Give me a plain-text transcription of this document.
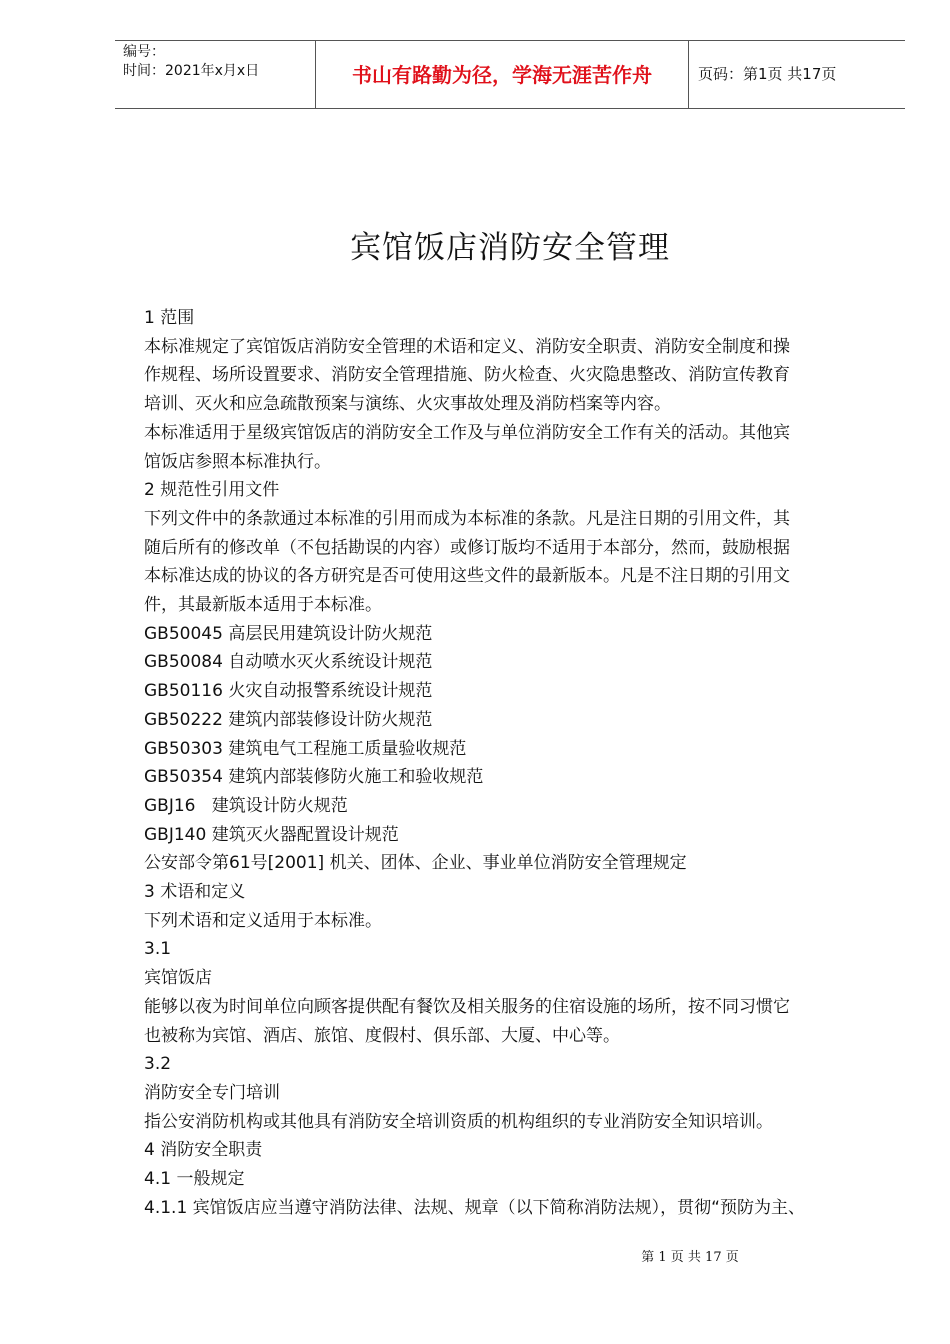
编号：
时间：2021年x月x日	书山有路勤为径，学海无涯苦作舟	页码：第1页 共17页
宾馆饭店消防安全管理

1 范围

本标准规定了宾馆饭店消防安全管理的术语和定义、消防安全职责、消防安全制度和操

作规程、场所设置要求、消防安全管理措施、防火检查、火灾隐患整改、消防宣传教育

培训、灭火和应急疏散预案与演练、火灾事故处理及消防档案等内容。

本标准适用于星级宾馆饭店的消防安全工作及与单位消防安全工作有关的活动。其他宾

馆饭店参照本标准执行。

2 规范性引用文件

下列文件中的条款通过本标准的引用而成为本标准的条款。凡是注日期的引用文件，其

随后所有的修改单（不包括勘误的内容）或修订版均不适用于本部分，然而，鼓励根据

本标准达成的协议的各方研究是否可使用这些文件的最新版本。凡是不注日期的引用文

件，其最新版本适用于本标准。

GB50045 高层民用建筑设计防火规范

GB50084 自动喷水灭火系统设计规范

GB50116 火灾自动报警系统设计规范

GB50222 建筑内部装修设计防火规范

GB50303 建筑电气工程施工质量验收规范

GB50354 建筑内部装修防火施工和验收规范

GBJ16   建筑设计防火规范

GBJ140 建筑灭火器配置设计规范

公安部令第61号[2001] 机关、团体、企业、事业单位消防安全管理规定

3 术语和定义

下列术语和定义适用于本标准。

3.1

宾馆饭店

能够以夜为时间单位向顾客提供配有餐饮及相关服务的住宿设施的场所，按不同习惯它

也被称为宾馆、酒店、旅馆、度假村、俱乐部、大厦、中心等。

3.2

消防安全专门培训

指公安消防机构或其他具有消防安全培训资质的机构组织的专业消防安全知识培训。

4 消防安全职责

4.1 一般规定

4.1.1 宾馆饭店应当遵守消防法律、法规、规章（以下简称消防法规），贯彻“预防为主、

第 1 页 共 17 页
